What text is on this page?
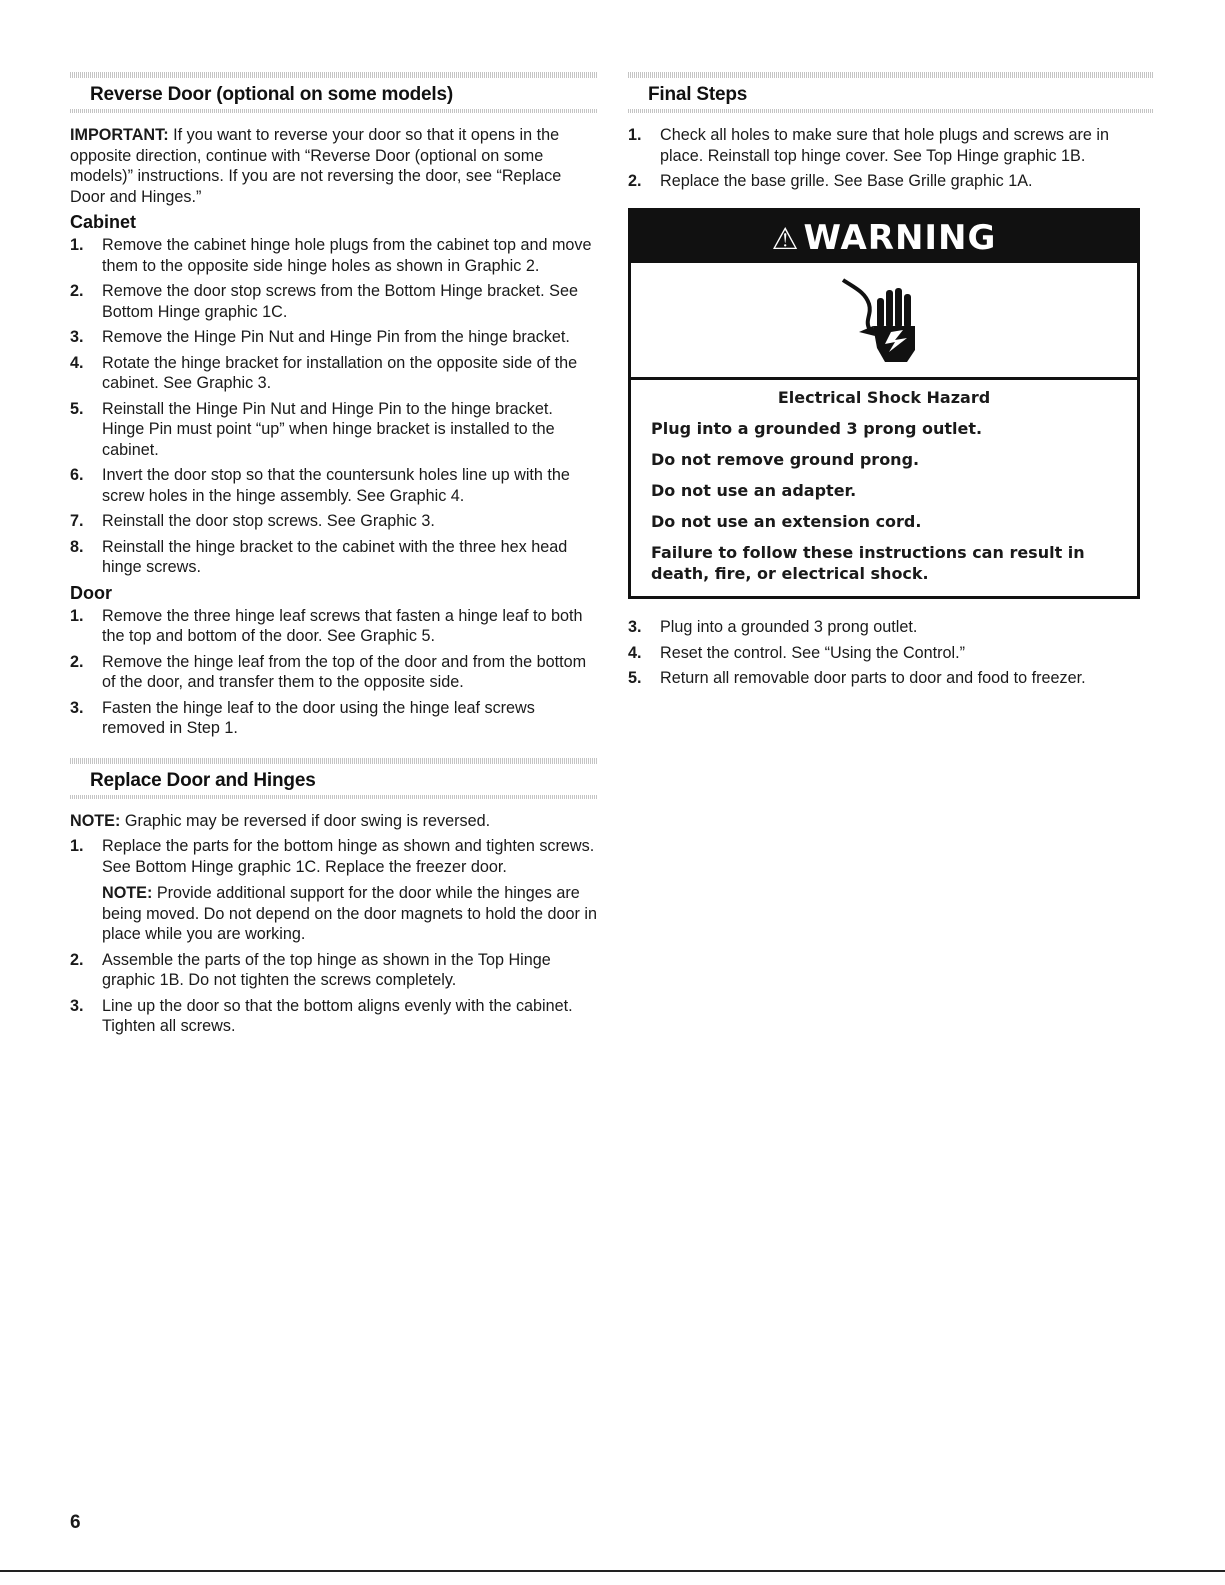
Reverse Door (optional on some models)

IMPORTANT: If you want to reverse your door so that it opens in the opposite direction, continue with “Reverse Door (optional on some models)” instructions. If you are not reversing the door, see “Replace Door and Hinges.”

Cabinet
1. Remove the cabinet hinge hole plugs from the cabinet top and move them to the opposite side hinge holes as shown in Graphic 2.
2. Remove the door stop screws from the Bottom Hinge bracket. See Bottom Hinge graphic 1C.
3. Remove the Hinge Pin Nut and Hinge Pin from the hinge bracket.
4. Rotate the hinge bracket for installation on the opposite side of the cabinet. See Graphic 3.
5. Reinstall the Hinge Pin Nut and Hinge Pin to the hinge bracket. Hinge Pin must point “up” when hinge bracket is installed to the cabinet.
6. Invert the door stop so that the countersunk holes line up with the screw holes in the hinge assembly. See Graphic 4.
7. Reinstall the door stop screws. See Graphic 3.
8. Reinstall the hinge bracket to the cabinet with the three hex head hinge screws.
Door
1. Remove the three hinge leaf screws that fasten a hinge leaf to both the top and bottom of the door. See Graphic 5.
2. Remove the hinge leaf from the top of the door and from the bottom of the door, and transfer them to the opposite side.
3. Fasten the hinge leaf to the door using the hinge leaf screws removed in Step 1.
Replace Door and Hinges

NOTE: Graphic may be reversed if door swing is reversed.

1. Replace the parts for the bottom hinge as shown and tighten screws. See Bottom Hinge graphic 1C. Replace the freezer door.

NOTE: Provide additional support for the door while the hinges are being moved. Do not depend on the door magnets to hold the door in place while you are working.

2. Assemble the parts of the top hinge as shown in the Top Hinge graphic 1B. Do not tighten the screws completely.
3. Line up the door so that the bottom aligns evenly with the cabinet. Tighten all screws.
Final Steps
1. Check all holes to make sure that hole plugs and screws are in place. Reinstall top hinge cover. See Top Hinge graphic 1B.
2. Replace the base grille. See Base Grille graphic 1A.
⚠ WARNING

Electrical Shock Hazard

Plug into a grounded 3 prong outlet.

Do not remove ground prong.

Do not use an adapter.

Do not use an extension cord.

Failure to follow these instructions can result in death, fire, or electrical shock.

3. Plug into a grounded 3 prong outlet.
4. Reset the control. See “Using the Control.”
5. Return all removable door parts to door and food to freezer.
6
